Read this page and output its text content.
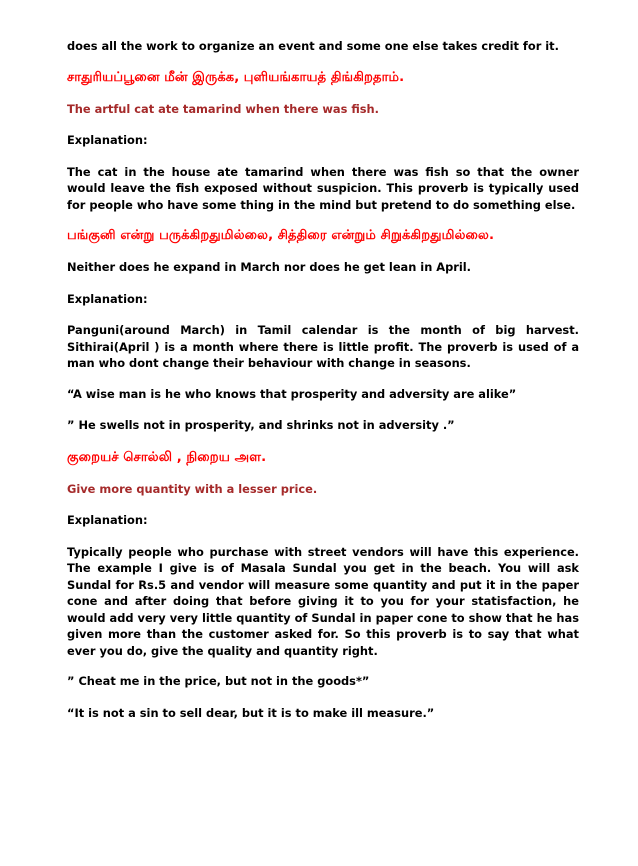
does all the work to organize an event and some one else takes credit for it.

சாதுரியப்பூனை மீன் இருக்க, புளியங்காயத் திங்கிறதாம்.

The artful cat ate tamarind when there was fish.

Explanation:

The cat in the house ate tamarind when there was fish so that the owner would leave the fish exposed without suspicion. This proverb is typically used for people who have some thing in the mind but pretend to do something else.

பங்குனி என்று பருக்கிறதுமில்லை, சித்திரை என்றும் சிறுக்கிறதுமில்லை.

Neither does he expand in March nor does he get lean in April.

Explanation:

Panguni(around March) in Tamil calendar is the month of big harvest. Sithirai(April ) is a month where there is little profit. The proverb is used of a man who dont change their behaviour with change in seasons.

“A wise man is he who knows that prosperity and adversity are alike”

” He swells not in prosperity, and shrinks not in adversity .”

குறையச் சொல்லி , நிறைய அள.

Give more quantity with a lesser price.

Explanation:

Typically people who purchase with street vendors will have this experience. The example I give is of Masala Sundal you get in the beach. You will ask Sundal for Rs.5 and vendor will measure some quantity and put it in the paper cone and after doing that before giving it to you for your statisfaction, he would add very very little quantity of Sundal in paper cone to show that he has given more than the customer asked for. So this proverb is to say that what ever you do, give the quality and quantity right.

” Cheat me in the price, but not in the goods*”

“It is not a sin to sell dear, but it is to make ill measure.”
